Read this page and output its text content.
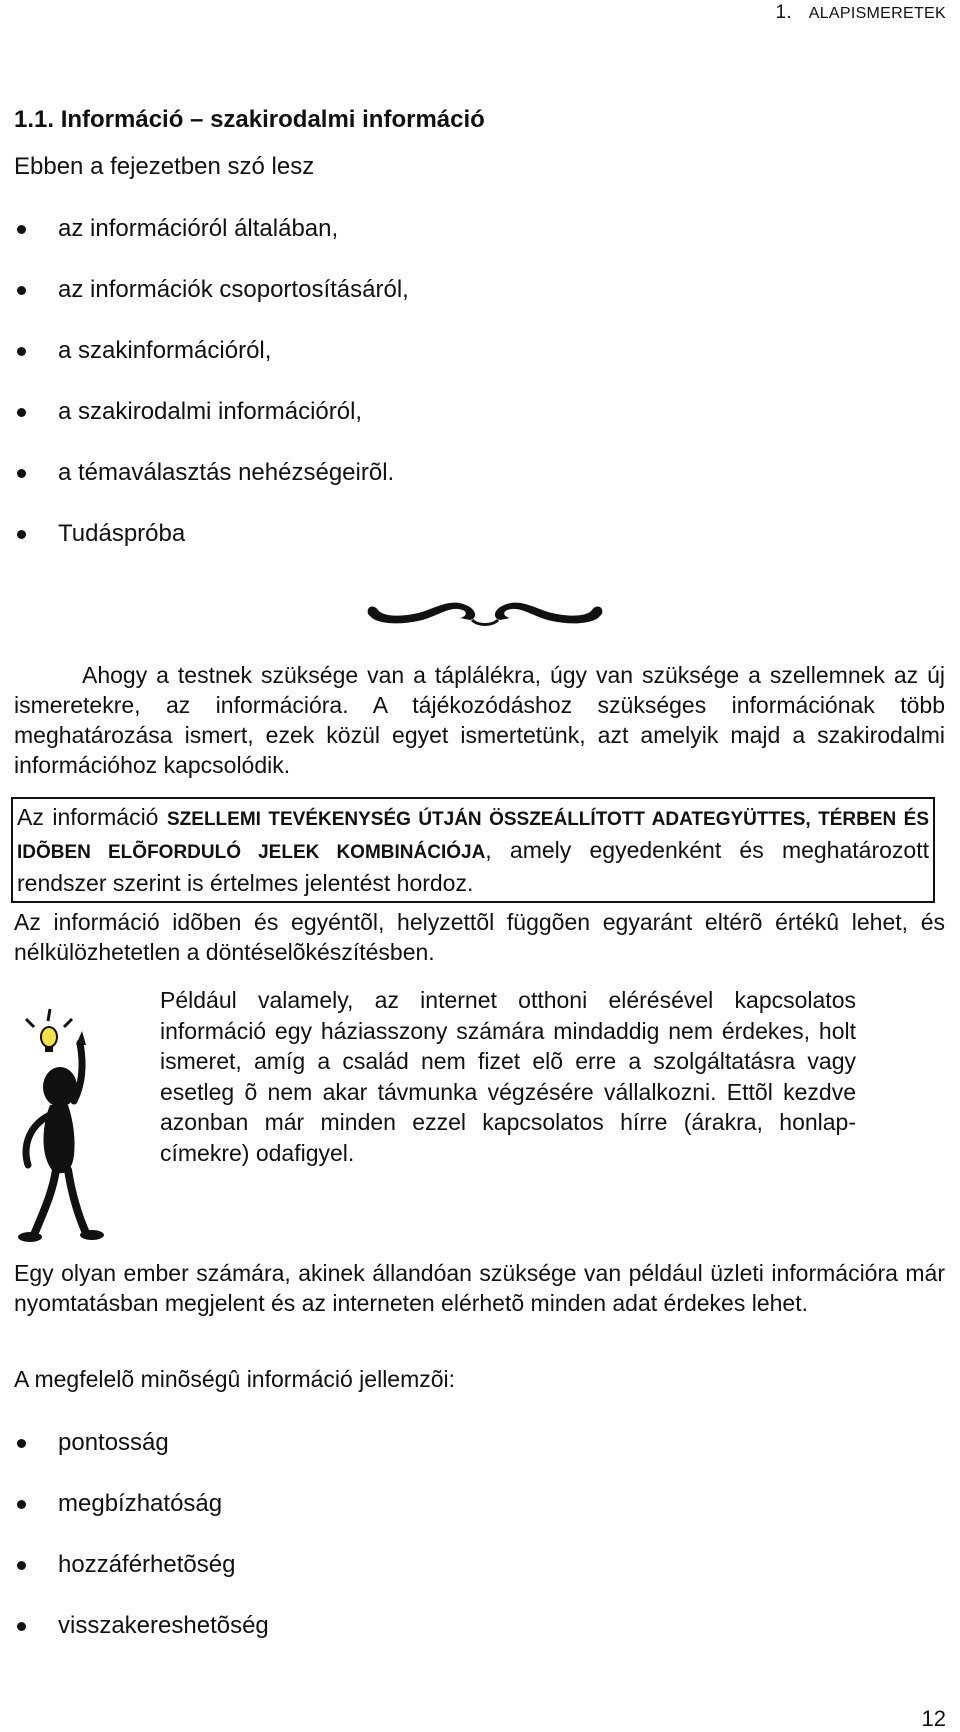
1. ALAPISMERETEK
1.1. Információ – szakirodalmi információ
Ebben a fejezetben szó lesz
az információról általában,
az információk csoportosításáról,
a szakinformációról,
a szakirodalmi információról,
a témaválasztás nehézségeirõl.
Tudáspróba

Ahogy a testnek szüksége van a táplálékra, úgy van szüksége a szellemnek az új ismeretekre, az információra. A tájékozódáshoz szükséges információnak több meghatározása ismert, ezek közül egyet ismertetünk, azt amelyik majd a szakirodalmi információhoz kapcsolódik.

Az információ SZELLEMI TEVÉKENYSÉG ÚTJÁN ÖSSZEÁLLÍTOTT ADATEGYÜTTES, TÉRBEN ÉS IDÕBEN ELÕFORDULÓ JELEK KOMBINÁCIÓJA, amely egyedenként és meghatározott rendszer szerint is értelmes jelentést hordoz.

Az információ idõben és egyéntõl, helyzettõl függõen egyaránt eltérõ értékû lehet, és nélkülözhetetlen a döntéselõkészítésben.

Például valamely, az internet otthoni elérésével kapcsolatos információ egy háziasszony számára mindaddig nem érdekes, holt ismeret, amíg a család nem fizet elõ erre a szolgáltatásra vagy esetleg õ nem akar távmunka végzésére vállalkozni. Ettõl kezdve azonban már minden ezzel kapcsolatos hírre (árakra, honlap-címekre) odafigyel.

Egy olyan ember számára, akinek állandóan szüksége van például üzleti információra már nyomtatásban megjelent és az interneten elérhetõ minden adat érdekes lehet.

A megfelelõ minõségû információ jellemzõi:
pontosság
megbízhatóság
hozzáférhetõség
visszakereshetõség
12
